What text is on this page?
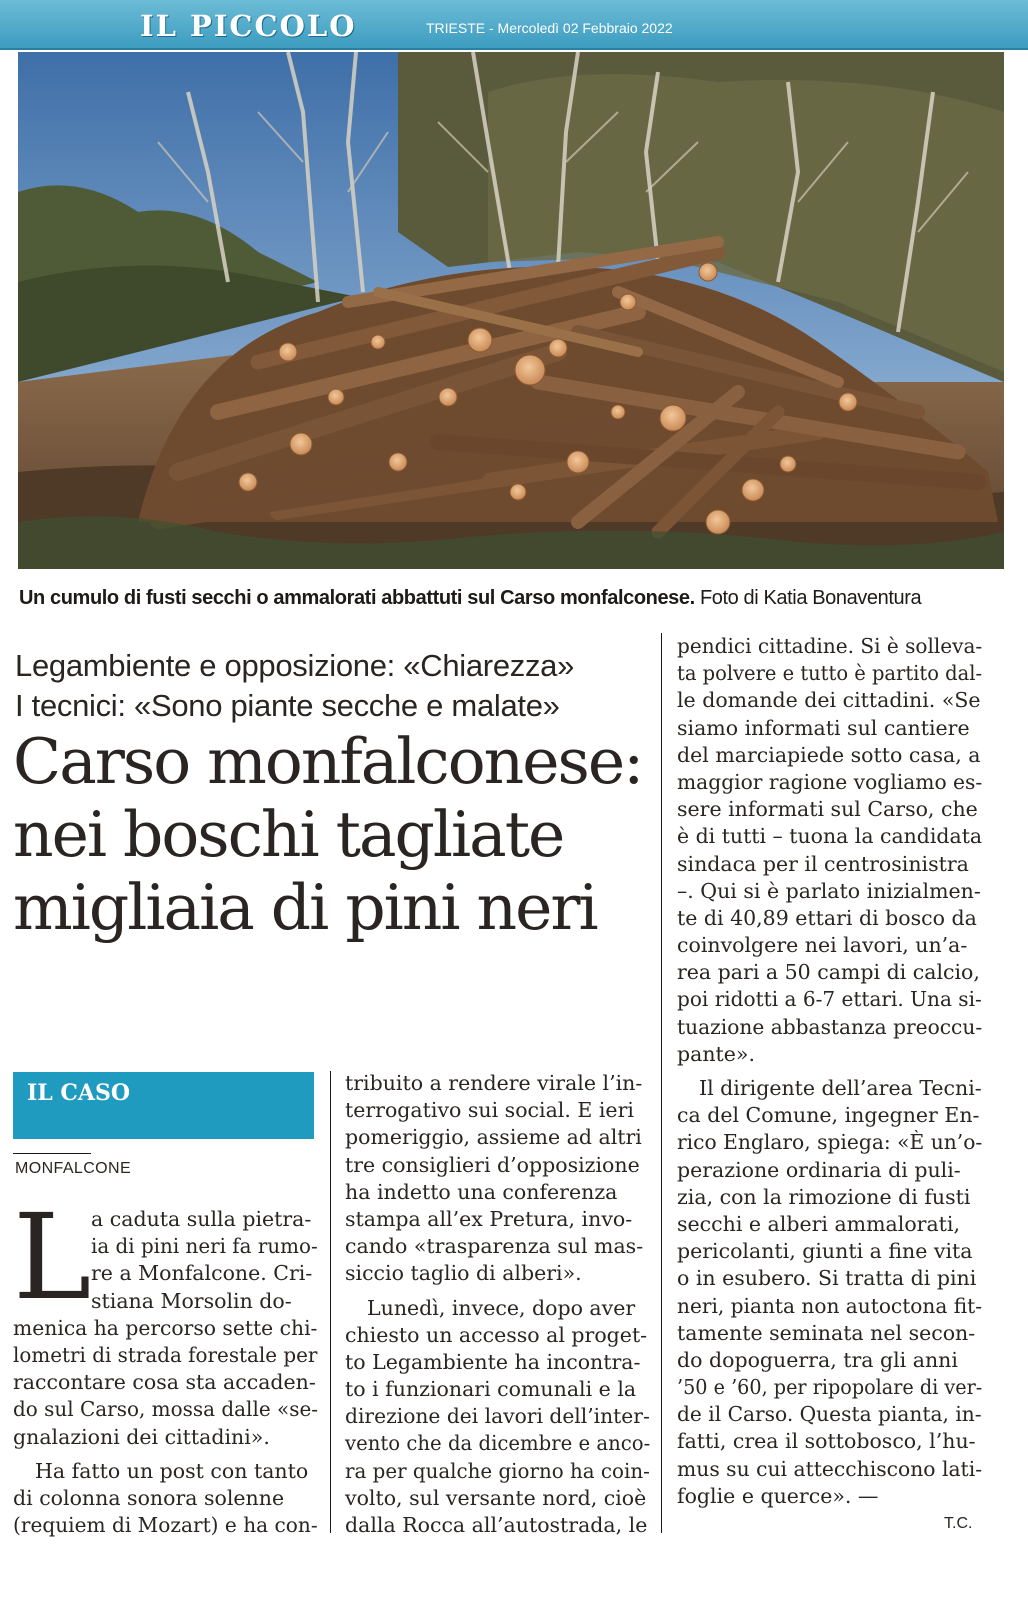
IL PICCOLO	TRIESTE - Mercoledì 02 Febbraio 2022
Un cumulo di fusti secchi o ammalorati abbattuti sul Carso monfalconese. Foto di Katia Bonaventura
Legambiente e opposizione: «Chiarezza»
I tecnici: «Sono piante secche e malate»
Carso monfalconese:
nei boschi tagliate
migliaia di pini neri
IL CASO
MONFALCONE
L a caduta sulla pietra-
ia di pini neri fa rumo-
re a Monfalcone. Cri-
stiana Morsolin do-
menica ha percorso sette chi-
lometri di strada forestale per
raccontare cosa sta accaden-
do sul Carso, mossa dalle «se-
gnalazioni dei cittadini».
Ha fatto un post con tanto
di colonna sonora solenne
(requiem di Mozart) e ha con-
tribuito a rendere virale l’in-
terrogativo sui social. E ieri
pomeriggio, assieme ad altri
tre consiglieri d’opposizione
ha indetto una conferenza
stampa all’ex Pretura, invo-
cando «trasparenza sul mas-
siccio taglio di alberi».
Lunedì, invece, dopo aver
chiesto un accesso al proget-
to Legambiente ha incontra-
to i funzionari comunali e la
direzione dei lavori dell’inter-
vento che da dicembre e anco-
ra per qualche giorno ha coin-
volto, sul versante nord, cioè
dalla Rocca all’autostrada, le
pendici cittadine. Si è solleva-
ta polvere e tutto è partito dal-
le domande dei cittadini. «Se
siamo informati sul cantiere
del marciapiede sotto casa, a
maggior ragione vogliamo es-
sere informati sul Carso, che
è di tutti – tuona la candidata
sindaca per il centrosinistra
–. Qui si è parlato inizialmen-
te di 40,89 ettari di bosco da
coinvolgere nei lavori, un’a-
rea pari a 50 campi di calcio,
poi ridotti a 6-7 ettari. Una si-
tuazione abbastanza preoccu-
pante».
Il dirigente dell’area Tecni-
ca del Comune, ingegner En-
rico Englaro, spiega: «È un’o-
perazione ordinaria di puli-
zia, con la rimozione di fusti
secchi e alberi ammalorati,
pericolanti, giunti a fine vita
o in esubero. Si tratta di pini
neri, pianta non autoctona fit-
tamente seminata nel secon-
do dopoguerra, tra gli anni
’50 e ’60, per ripopolare di ver-
de il Carso. Questa pianta, in-
fatti, crea il sottobosco, l’hu-
mus su cui attecchiscono lati-
foglie e querce». —
T.C.
